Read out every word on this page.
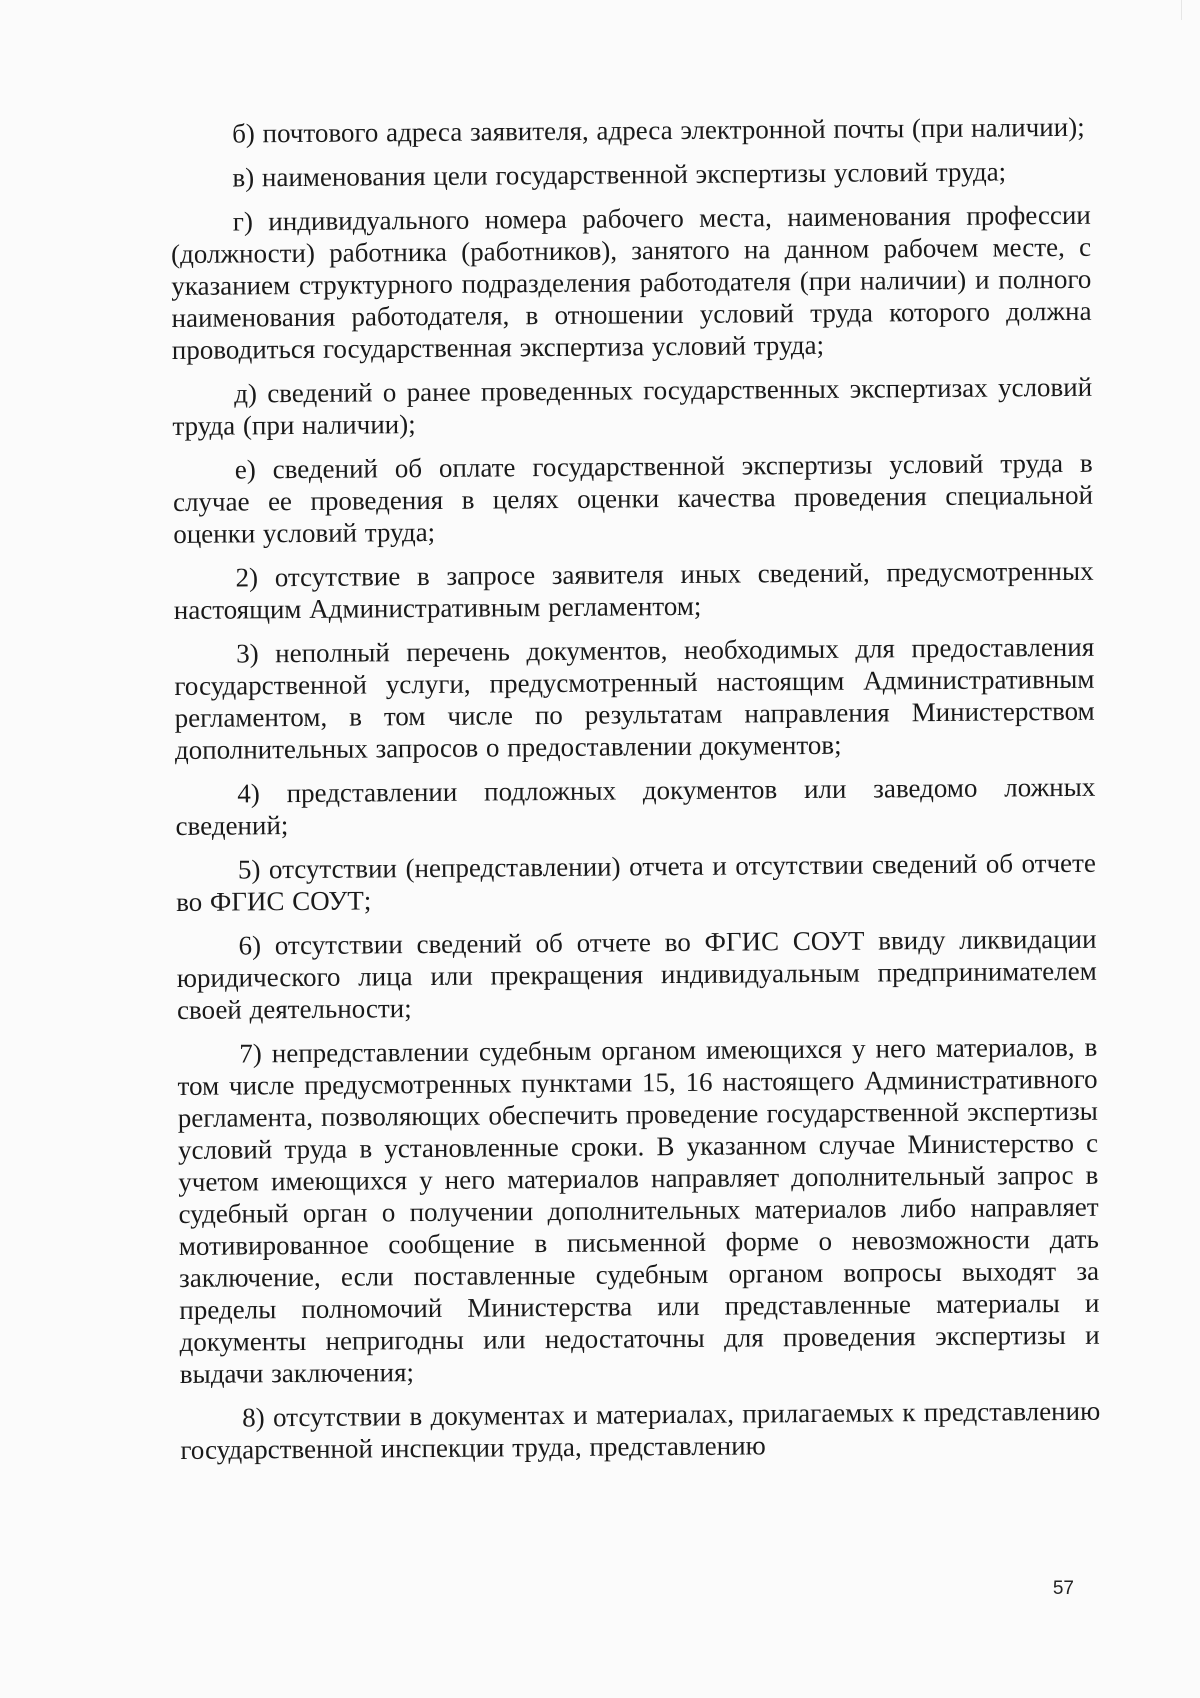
б) почтового адреса заявителя, адреса электронной почты (при наличии);

в) наименования цели государственной экспертизы условий труда;

г) индивидуального номера рабочего места, наименования профессии (должности) работника (работников), занятого на данном рабочем месте, с указанием структурного подразделения работодателя (при наличии) и полного наименования работодателя, в отношении условий труда которого должна проводиться государственная экспертиза условий труда;

д) сведений о ранее проведенных государственных экспертизах условий труда (при наличии);

е) сведений об оплате государственной экспертизы условий труда в случае ее проведения в целях оценки качества проведения специальной оценки условий труда;

2) отсутствие в запросе заявителя иных сведений, предусмотренных настоящим Административным регламентом;

3) неполный перечень документов, необходимых для предоставления государственной услуги, предусмотренный настоящим Административным регламентом, в том числе по результатам направления Министерством дополнительных запросов о предоставлении документов;

4) представлении подложных документов или заведомо ложных сведений;

5) отсутствии (непредставлении) отчета и отсутствии сведений об отчете во ФГИС СОУТ;

6) отсутствии сведений об отчете во ФГИС СОУТ ввиду ликвидации юридического лица или прекращения индивидуальным предпринимателем своей деятельности;

7) непредставлении судебным органом имеющихся у него материалов, в том числе предусмотренных пунктами 15, 16 настоящего Административного регламента, позволяющих обеспечить проведение государственной экспертизы условий труда в установленные сроки. В указанном случае Министерство с учетом имеющихся у него материалов направляет дополнительный запрос в судебный орган о получении дополнительных материалов либо направляет мотивированное сообщение в письменной форме о невозможности дать заключение, если поставленные судебным органом вопросы выходят за пределы полномочий Министерства или представленные материалы и документы непригодны или недостаточны для проведения экспертизы и выдачи заключения;

8) отсутствии в документах и материалах, прилагаемых к представлению государственной инспекции труда, представлению

57
